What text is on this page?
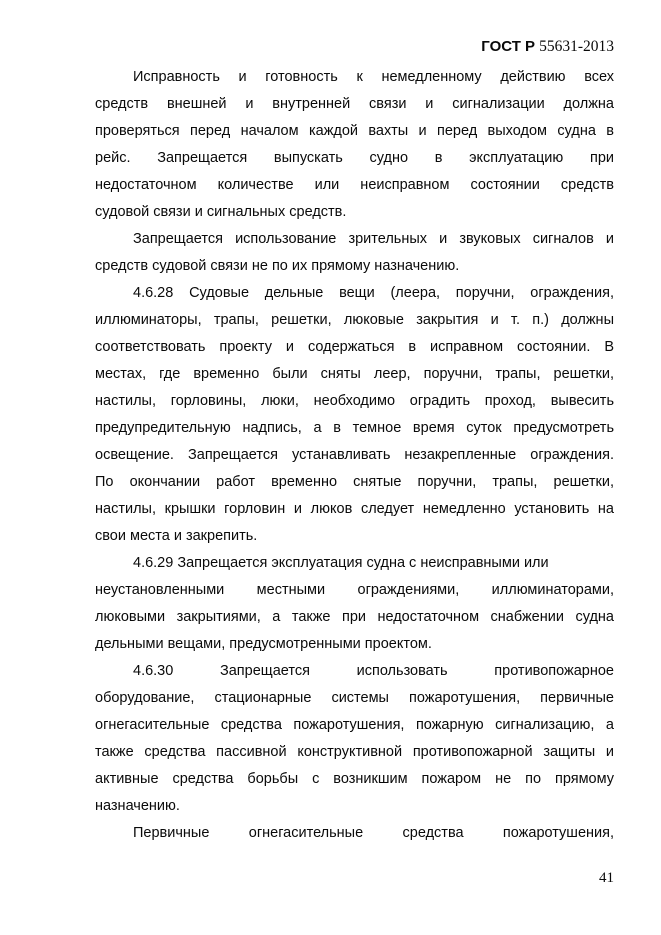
ГОСТ Р 55631-2013
Исправность и готовность к немедленному действию всех
средств внешней и внутренней связи и сигнализации должна
проверяться перед началом каждой вахты и перед выходом судна в
рейс. Запрещается выпускать судно в эксплуатацию при
недостаточном количестве или неисправном состоянии средств
судовой связи и сигнальных средств.
Запрещается использование зрительных и звуковых сигналов и
средств судовой связи не по их прямому назначению.
4.6.28 Судовые дельные вещи (леера, поручни, ограждения,
иллюминаторы, трапы, решетки, люковые закрытия и т. п.) должны
соответствовать проекту и содержаться в исправном состоянии. В
местах, где временно были сняты леер, поручни, трапы, решетки,
настилы, горловины, люки, необходимо оградить проход, вывесить
предупредительную надпись, а в темное время суток предусмотреть
освещение. Запрещается устанавливать незакрепленные ограждения.
По окончании работ временно снятые поручни, трапы, решетки,
настилы, крышки горловин и люков следует немедленно установить на
свои места и закрепить.
4.6.29 Запрещается эксплуатация судна с неисправными или
неустановленными местными ограждениями, иллюминаторами,
люковыми закрытиями, а также при недостаточном снабжении судна
дельными вещами, предусмотренными проектом.
4.6.30 Запрещается использовать противопожарное
оборудование, стационарные системы пожаротушения, первичные
огнегасительные средства пожаротушения, пожарную сигнализацию, а
также средства пассивной конструктивной противопожарной защиты и
активные средства борьбы с возникшим пожаром не по прямому
назначению.
Первичные огнегасительные средства пожаротушения,
41
